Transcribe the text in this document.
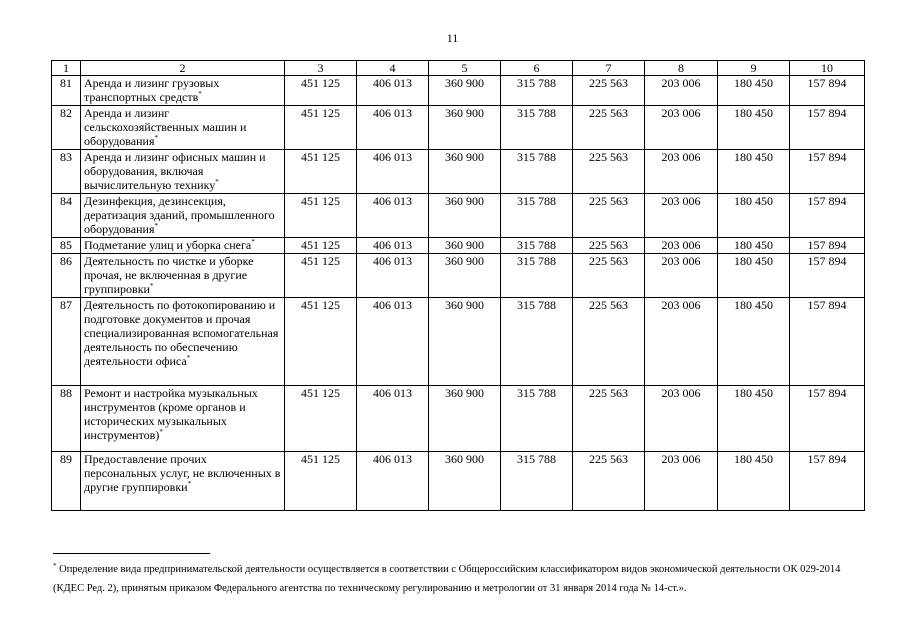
11
1	2	3	4	5	6	7	8	9	10
81	Аренда и лизинг грузовых транспортных средств*	451 125	406 013	360 900	315 788	225 563	203 006	180 450	157 894
82	Аренда и лизинг сельскохозяйственных машин и оборудования*	451 125	406 013	360 900	315 788	225 563	203 006	180 450	157 894
83	Аренда и лизинг офисных машин и оборудования, включая вычислительную технику*	451 125	406 013	360 900	315 788	225 563	203 006	180 450	157 894
84	Дезинфекция, дезинсекция, дератизация зданий, промышленного оборудования*	451 125	406 013	360 900	315 788	225 563	203 006	180 450	157 894
85	Подметание улиц и уборка снега*	451 125	406 013	360 900	315 788	225 563	203 006	180 450	157 894
86	Деятельность по чистке и уборке прочая, не включенная в другие группировки*	451 125	406 013	360 900	315 788	225 563	203 006	180 450	157 894
87	Деятельность по фотокопированию и подготовке документов и прочая специализированная вспомогательная деятельность по обеспечению деятельности офиса*	451 125	406 013	360 900	315 788	225 563	203 006	180 450	157 894
88	Ремонт и настройка музыкальных инструментов (кроме органов и исторических музыкальных инструментов)*	451 125	406 013	360 900	315 788	225 563	203 006	180 450	157 894
89	Предоставление прочих персональных услуг, не включенных в другие группировки*	451 125	406 013	360 900	315 788	225 563	203 006	180 450	157 894
* Определение вида предпринимательской деятельности осуществляется в соответствии с Общероссийским классификатором видов экономической деятельности ОК 029-2014 (КДЕС Ред. 2), принятым приказом Федерального агентства по техническому регулированию и метрологии от 31 января 2014 года № 14-ст.».
